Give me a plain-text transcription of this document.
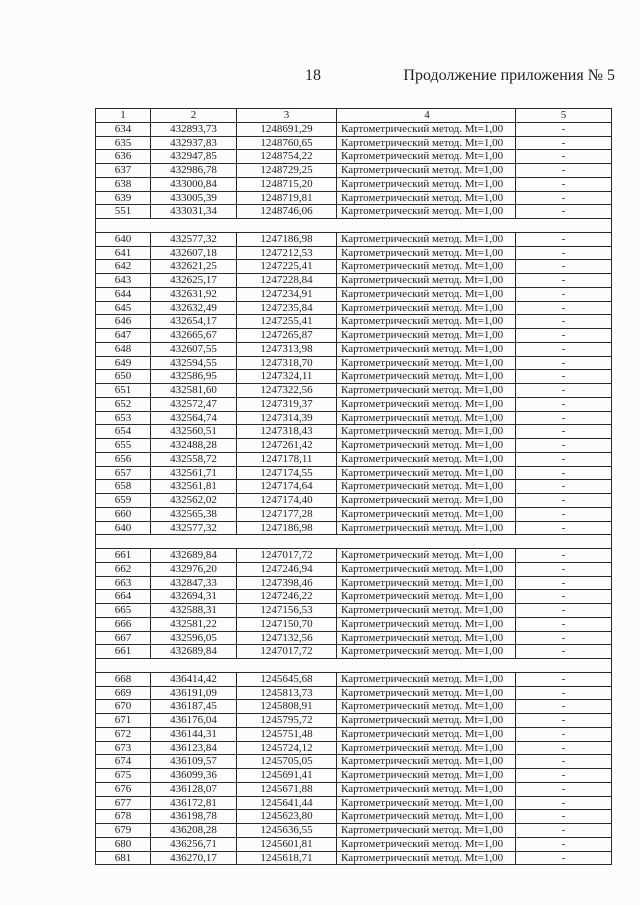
18	Продолжение приложения № 5
1	2	3	4	5
634	432893,73	1248691,29	Картометрический метод. Mt=1,00	-
635	432937,83	1248760,65	Картометрический метод. Mt=1,00	-
636	432947,85	1248754,22	Картометрический метод. Mt=1,00	-
637	432986,78	1248729,25	Картометрический метод. Mt=1,00	-
638	433000,84	1248715,20	Картометрический метод. Mt=1,00	-
639	433005,39	1248719,81	Картометрический метод. Mt=1,00	-
551	433031,34	1248746,06	Картометрический метод. Mt=1,00	-
640	432577,32	1247186,98	Картометрический метод. Mt=1,00	-
641	432607,18	1247212,53	Картометрический метод. Mt=1,00	-
642	432621,25	1247225,41	Картометрический метод. Mt=1,00	-
643	432625,17	1247228,84	Картометрический метод. Mt=1,00	-
644	432631,92	1247234,91	Картометрический метод. Mt=1,00	-
645	432632,49	1247235,84	Картометрический метод. Mt=1,00	-
646	432654,17	1247255,41	Картометрический метод. Mt=1,00	-
647	432665,67	1247265,87	Картометрический метод. Mt=1,00	-
648	432607,55	1247313,98	Картометрический метод. Mt=1,00	-
649	432594,55	1247318,70	Картометрический метод. Mt=1,00	-
650	432586,95	1247324,11	Картометрический метод. Mt=1,00	-
651	432581,60	1247322,56	Картометрический метод. Mt=1,00	-
652	432572,47	1247319,37	Картометрический метод. Mt=1,00	-
653	432564,74	1247314,39	Картометрический метод. Mt=1,00	-
654	432560,51	1247318,43	Картометрический метод. Mt=1,00	-
655	432488,28	1247261,42	Картометрический метод. Mt=1,00	-
656	432558,72	1247178,11	Картометрический метод. Mt=1,00	-
657	432561,71	1247174,55	Картометрический метод. Mt=1,00	-
658	432561,81	1247174,64	Картометрический метод. Mt=1,00	-
659	432562,02	1247174,40	Картометрический метод. Mt=1,00	-
660	432565,38	1247177,28	Картометрический метод. Mt=1,00	-
640	432577,32	1247186,98	Картометрический метод. Mt=1,00	-
661	432689,84	1247017,72	Картометрический метод. Mt=1,00	-
662	432976,20	1247246,94	Картометрический метод. Mt=1,00	-
663	432847,33	1247398,46	Картометрический метод. Mt=1,00	-
664	432694,31	1247246,22	Картометрический метод. Mt=1,00	-
665	432588,31	1247156,53	Картометрический метод. Mt=1,00	-
666	432581,22	1247150,70	Картометрический метод. Mt=1,00	-
667	432596,05	1247132,56	Картометрический метод. Mt=1,00	-
661	432689,84	1247017,72	Картометрический метод. Mt=1,00	-
668	436414,42	1245645,68	Картометрический метод. Mt=1,00	-
669	436191,09	1245813,73	Картометрический метод. Mt=1,00	-
670	436187,45	1245808,91	Картометрический метод. Mt=1,00	-
671	436176,04	1245795,72	Картометрический метод. Mt=1,00	-
672	436144,31	1245751,48	Картометрический метод. Mt=1,00	-
673	436123,84	1245724,12	Картометрический метод. Mt=1,00	-
674	436109,57	1245705,05	Картометрический метод. Mt=1,00	-
675	436099,36	1245691,41	Картометрический метод. Mt=1,00	-
676	436128,07	1245671,88	Картометрический метод. Mt=1,00	-
677	436172,81	1245641,44	Картометрический метод. Mt=1,00	-
678	436198,78	1245623,80	Картометрический метод. Mt=1,00	-
679	436208,28	1245636,55	Картометрический метод. Mt=1,00	-
680	436256,71	1245601,81	Картометрический метод. Mt=1,00	-
681	436270,17	1245618,71	Картометрический метод. Mt=1,00	-
